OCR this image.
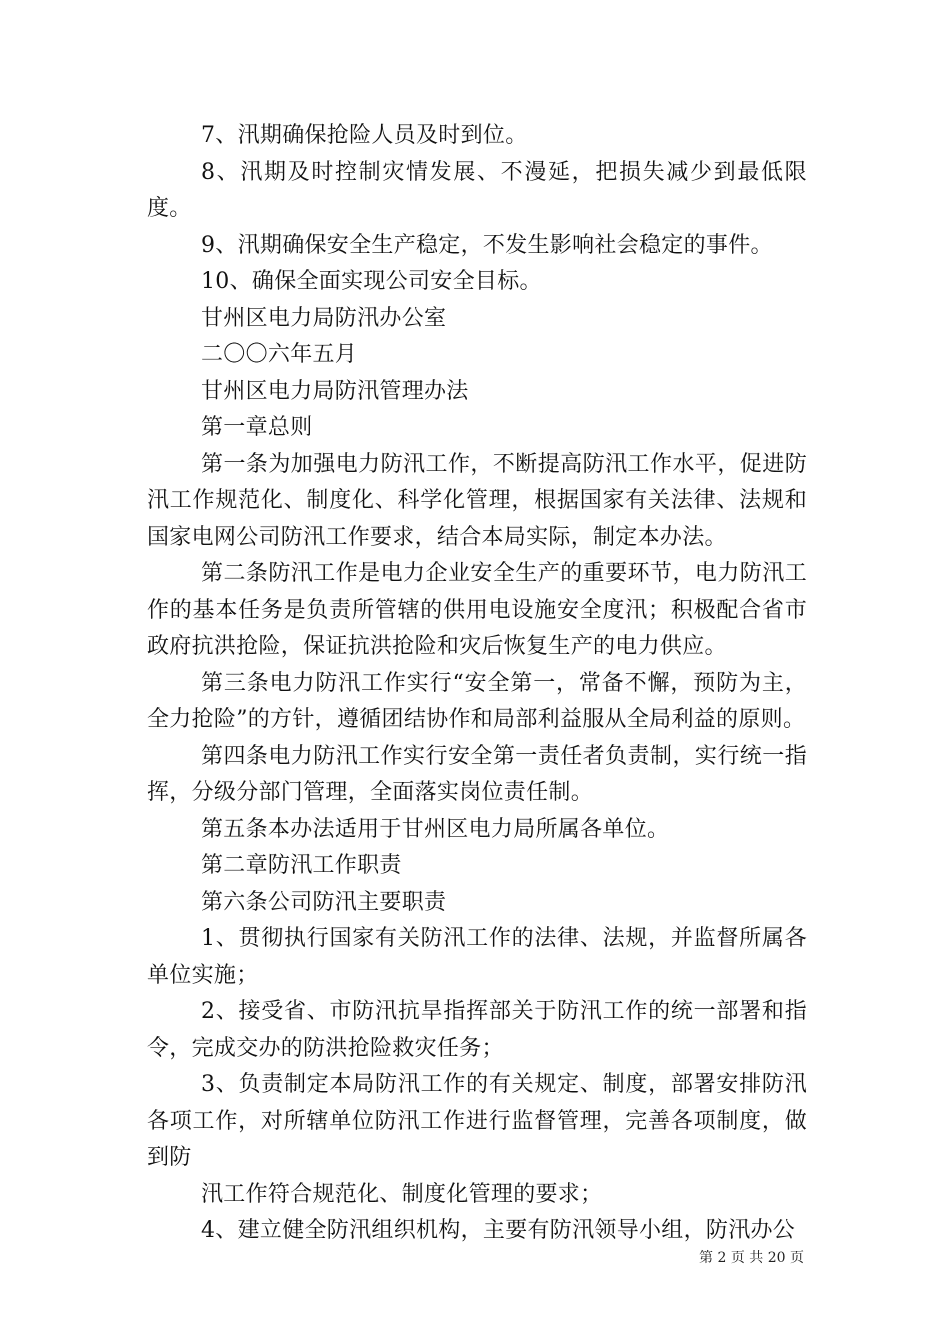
7、汛期确保抢险人员及时到位。

8、汛期及时控制灾情发展、不漫延，把损失减少到最低限度。

9、汛期确保安全生产稳定，不发生影响社会稳定的事件。

10、确保全面实现公司安全目标。

甘州区电力局防汛办公室

二〇〇六年五月

甘州区电力局防汛管理办法

第一章总则

第一条为加强电力防汛工作，不断提高防汛工作水平，促进防汛工作规范化、制度化、科学化管理，根据国家有关法律、法规和国家电网公司防汛工作要求，结合本局实际，制定本办法。

第二条防汛工作是电力企业安全生产的重要环节，电力防汛工作的基本任务是负责所管辖的供用电设施安全度汛；积极配合省市政府抗洪抢险，保证抗洪抢险和灾后恢复生产的电力供应。

第三条电力防汛工作实行“安全第一，常备不懈，预防为主，全力抢险”的方针，遵循团结协作和局部利益服从全局利益的原则。

第四条电力防汛工作实行安全第一责任者负责制，实行统一指挥，分级分部门管理，全面落实岗位责任制。

第五条本办法适用于甘州区电力局所属各单位。

第二章防汛工作职责

第六条公司防汛主要职责

1、贯彻执行国家有关防汛工作的法律、法规，并监督所属各单位实施；

2、接受省、市防汛抗旱指挥部关于防汛工作的统一部署和指令，完成交办的防洪抢险救灾任务；

3、负责制定本局防汛工作的有关规定、制度，部署安排防汛各项工作，对所辖单位防汛工作进行监督管理，完善各项制度，做到防

汛工作符合规范化、制度化管理的要求；

4、建立健全防汛组织机构，主要有防汛领导小组，防汛办公

第 2 页 共 20 页
